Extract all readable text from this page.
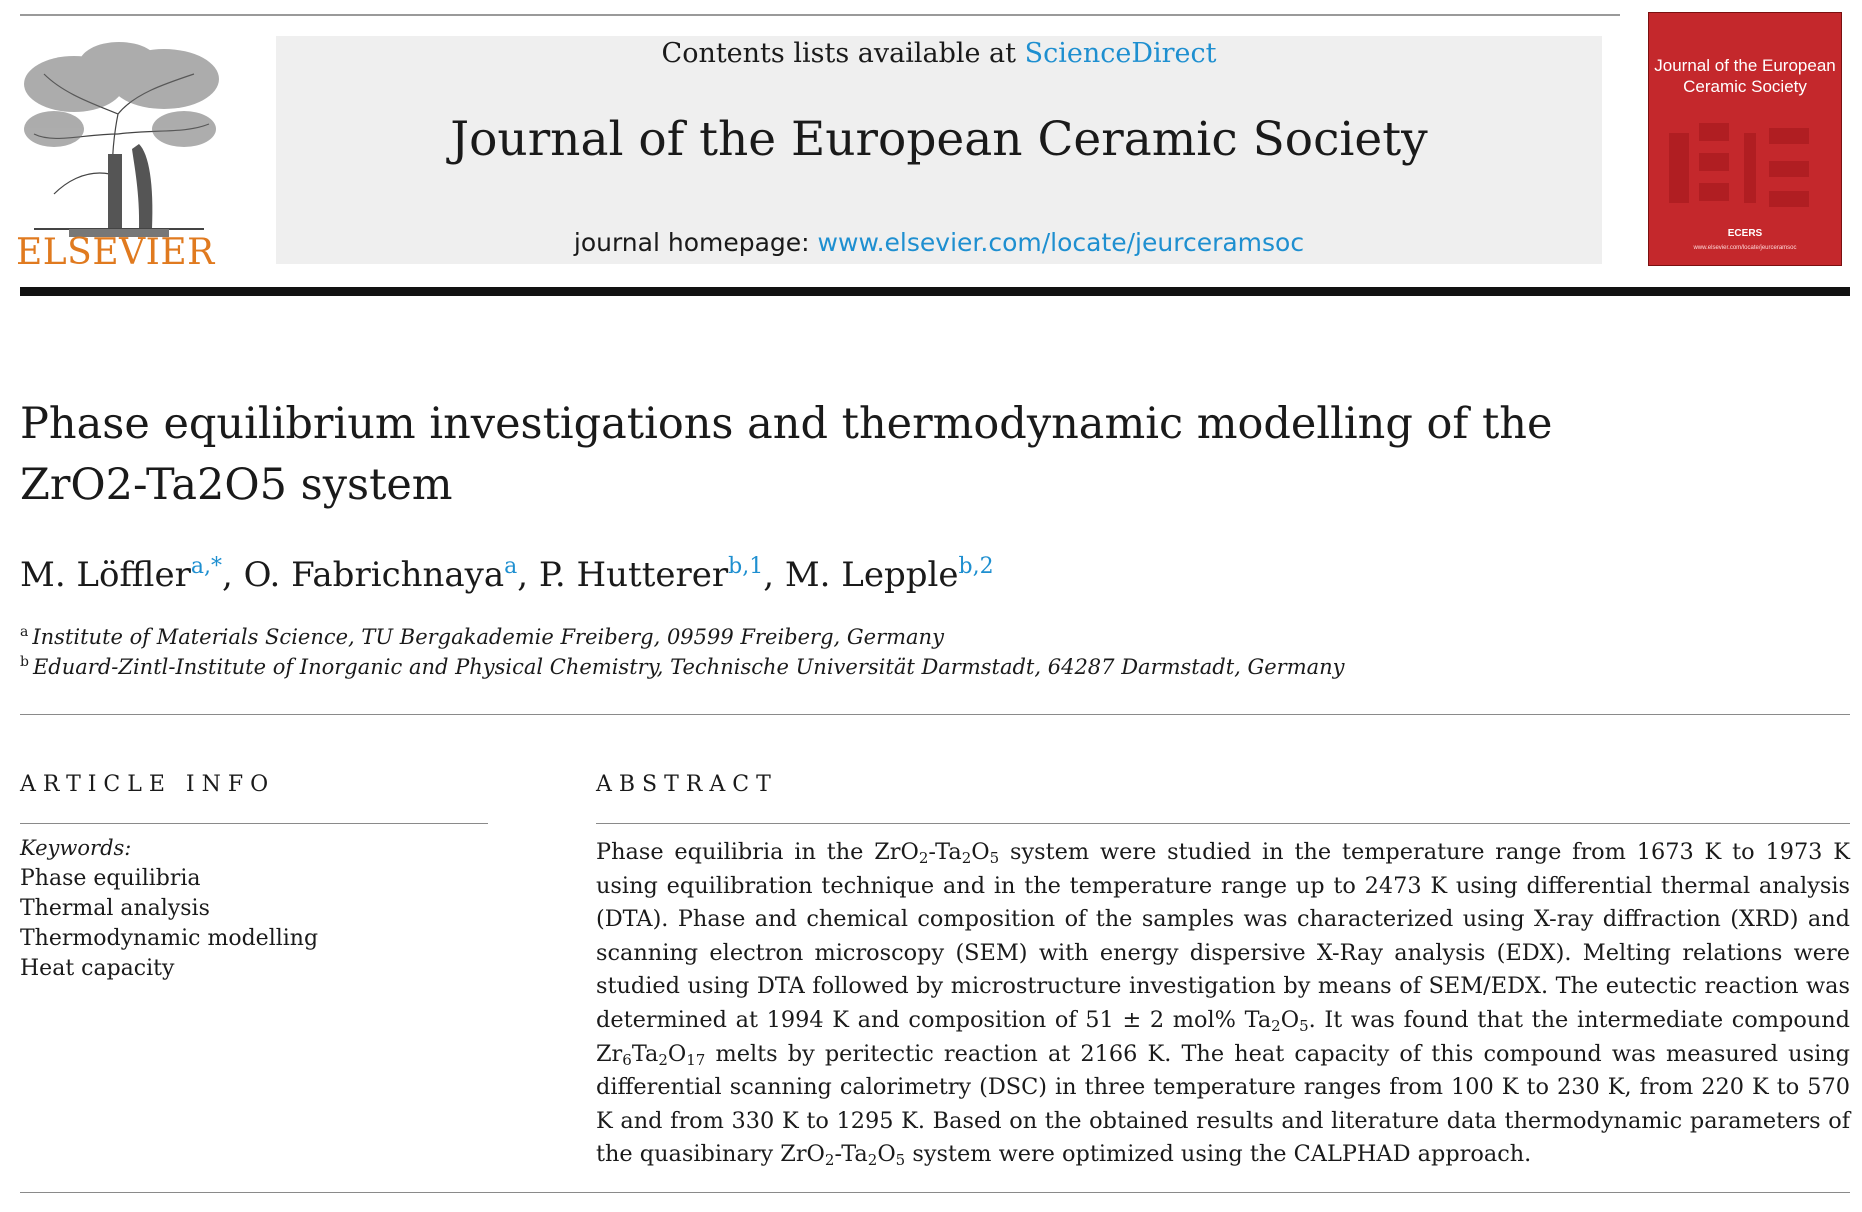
ELSEVIER
Contents lists available at ScienceDirect
Journal of the European Ceramic Society
journal homepage: www.elsevier.com/locate/jeurceramsoc
Journal of the European Ceramic Society
ECERS
www.elsevier.com/locate/jeurceramsoc
Phase equilibrium investigations and thermodynamic modelling of the ZrO2-Ta2O5 system
M. Löffler$^{a,*}$, O. Fabrichnaya$^a$, P. Hutterer$^{b,1}$, M. Lepple$^{b,2}$
$^a$ Institute of Materials Science, TU Bergakademie Freiberg, 09599 Freiberg, Germany
$^b$ Eduard-Zintl-Institute of Inorganic and Physical Chemistry, Technische Universität Darmstadt, 64287 Darmstadt, Germany
ARTICLE INFO
Keywords:
Phase equilibria
Thermal analysis
Thermodynamic modelling
Heat capacity
ABSTRACT
Phase equilibria in the $ZrO_2-Ta_2O_5$ system were studied in the temperature range from 1673 K to 1973 K using equilibration technique and in the temperature range up to 2473 K using differential thermal analysis (DTA). Phase and chemical composition of the samples was characterized using X-ray diffraction (XRD) and scanning electron microscopy (SEM) with energy dispersive X-Ray analysis (EDX). Melting relations were studied using DTA followed by microstructure investigation by means of SEM/EDX. The eutectic reaction was determined at 1994 K and composition of 51 ± 2 mol% $Ta_2O_5$. It was found that the intermediate compound $Zr_6Ta_2O_{17}$ melts by peritectic reaction at 2166 K. The heat capacity of this compound was measured using differential scanning calorimetry (DSC) in three temperature ranges from 100 K to 230 K, from 220 K to 570 K and from 330 K to 1295 K. Based on the obtained results and literature data thermodynamic parameters of the quasibinary $ZrO_2-Ta_2O_5$ system were optimized using the CALPHAD approach.
